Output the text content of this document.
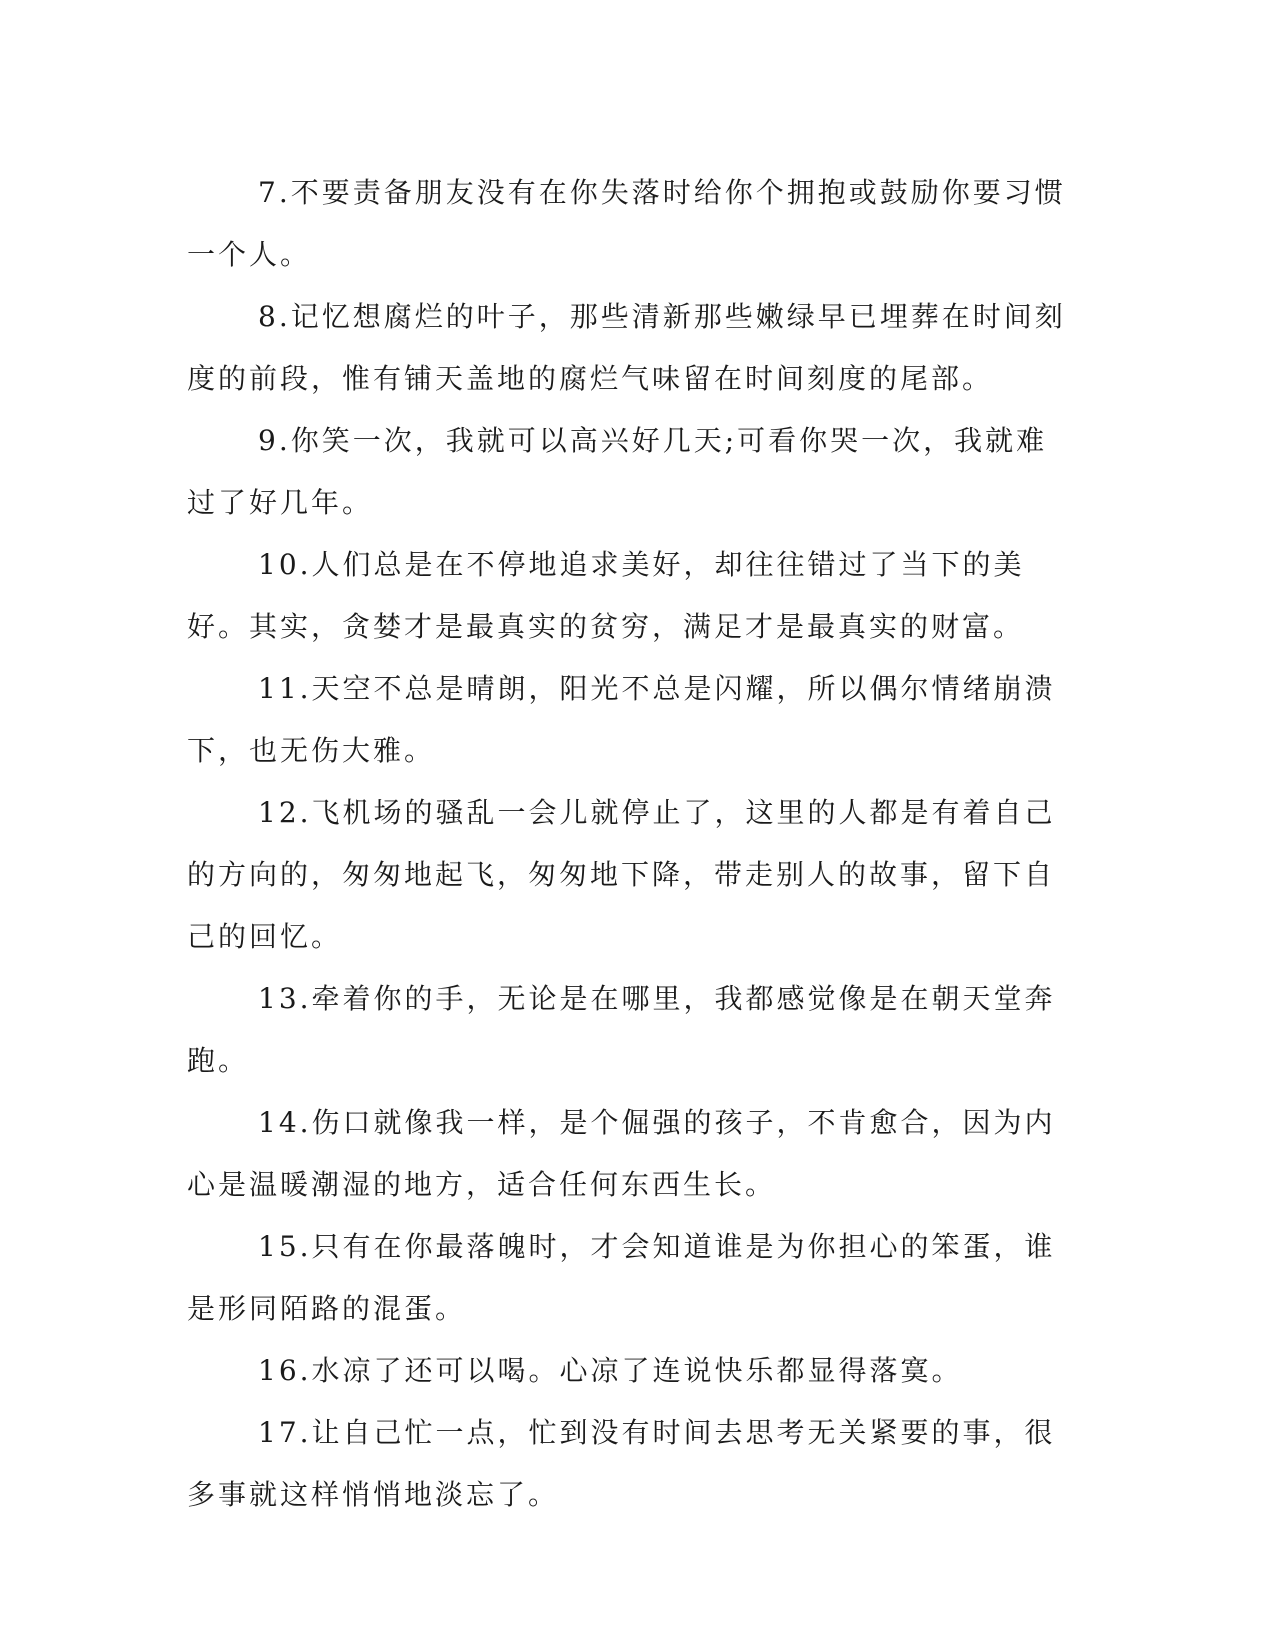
7.不要责备朋友没有在你失落时给你个拥抱或鼓励你要习惯一个人。

8.记忆想腐烂的叶子，那些清新那些嫩绿早已埋葬在时间刻度的前段，惟有铺天盖地的腐烂气味留在时间刻度的尾部。

9.你笑一次，我就可以高兴好几天;可看你哭一次，我就难过了好几年。

10.人们总是在不停地追求美好，却往往错过了当下的美好。其实，贪婪才是最真实的贫穷，满足才是最真实的财富。

11.天空不总是晴朗，阳光不总是闪耀，所以偶尔情绪崩溃下，也无伤大雅。

12.飞机场的骚乱一会儿就停止了，这里的人都是有着自己的方向的，匆匆地起飞，匆匆地下降，带走别人的故事，留下自己的回忆。

13.牵着你的手，无论是在哪里，我都感觉像是在朝天堂奔跑。

14.伤口就像我一样，是个倔强的孩子，不肯愈合，因为内心是温暖潮湿的地方，适合任何东西生长。

15.只有在你最落魄时，才会知道谁是为你担心的笨蛋，谁是形同陌路的混蛋。

16.水凉了还可以喝。心凉了连说快乐都显得落寞。

17.让自己忙一点，忙到没有时间去思考无关紧要的事，很多事就这样悄悄地淡忘了。
